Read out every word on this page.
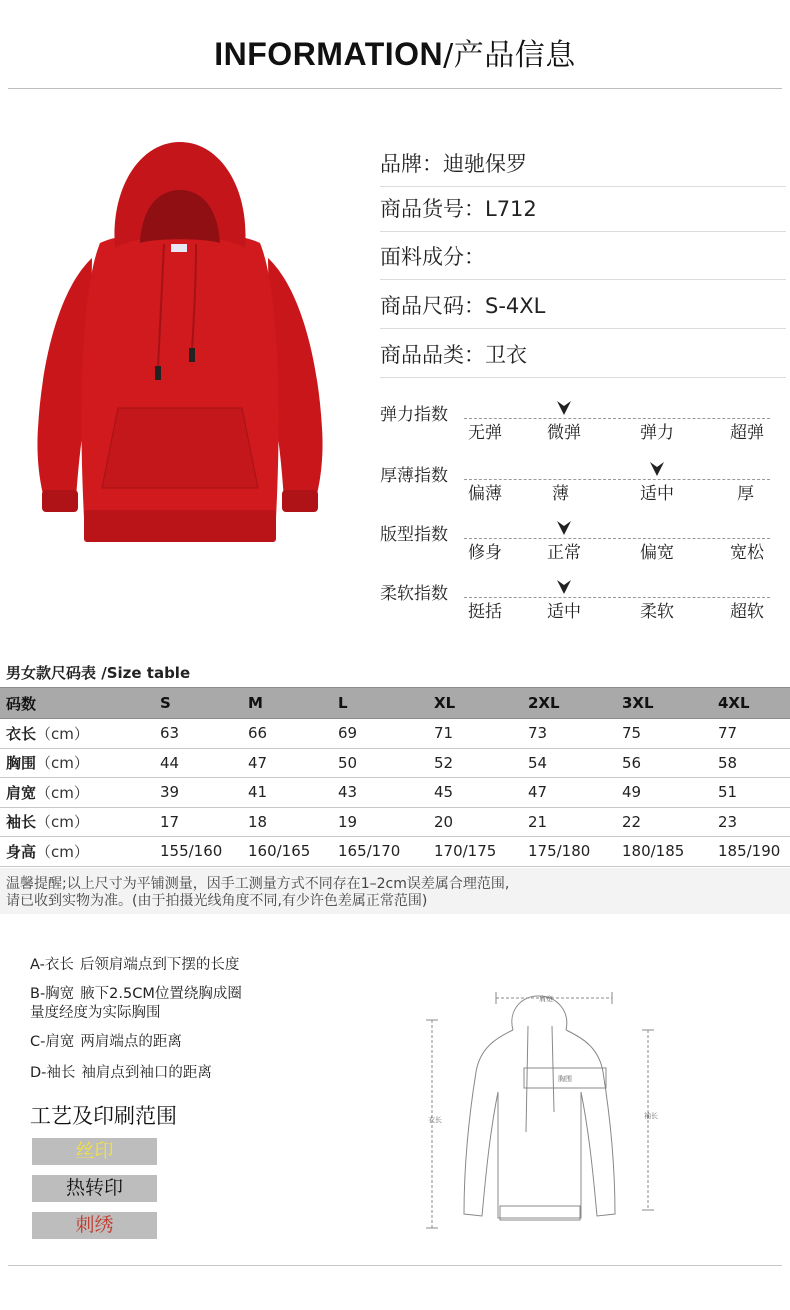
INFORMATION/产品信息
品牌：迪驰保罗
商品货号：L712
面料成分：
商品尺码：S-4XL
商品品类：卫衣
弹力指数
无弹	微弹	弹力	超弹
厚薄指数
偏薄	薄	适中	厚
版型指数
修身	正常	偏宽	宽松
柔软指数
挺括	适中	柔软	超软
男女款尺码表 /Size table
码数	S	M	L	XL	2XL	3XL	4XL
衣长（cm）	63	66	69	71	73	75	77
胸围（cm）	44	47	50	52	54	56	58
肩宽（cm）	39	41	43	45	47	49	51
袖长（cm）	17	18	19	20	21	22	23
身高（cm）	155/160	160/165	165/170	170/175	175/180	180/185	185/190
温馨提醒;以上尺寸为平铺测量，因手工测量方式不同存在1–2cm误差属合理范围,
请已收到实物为准。(由于拍摄光线角度不同,有少许色差属正常范围)
A-衣长 后领肩端点到下摆的长度
B-胸宽 腋下2.5CM位置绕胸成圈
量度经度为实际胸围
C-肩宽 两肩端点的距离
D-袖长 袖肩点到袖口的距离
工艺及印刷范围
丝印
热转印
刺绣
肩宽
胸围
衣长	袖长
